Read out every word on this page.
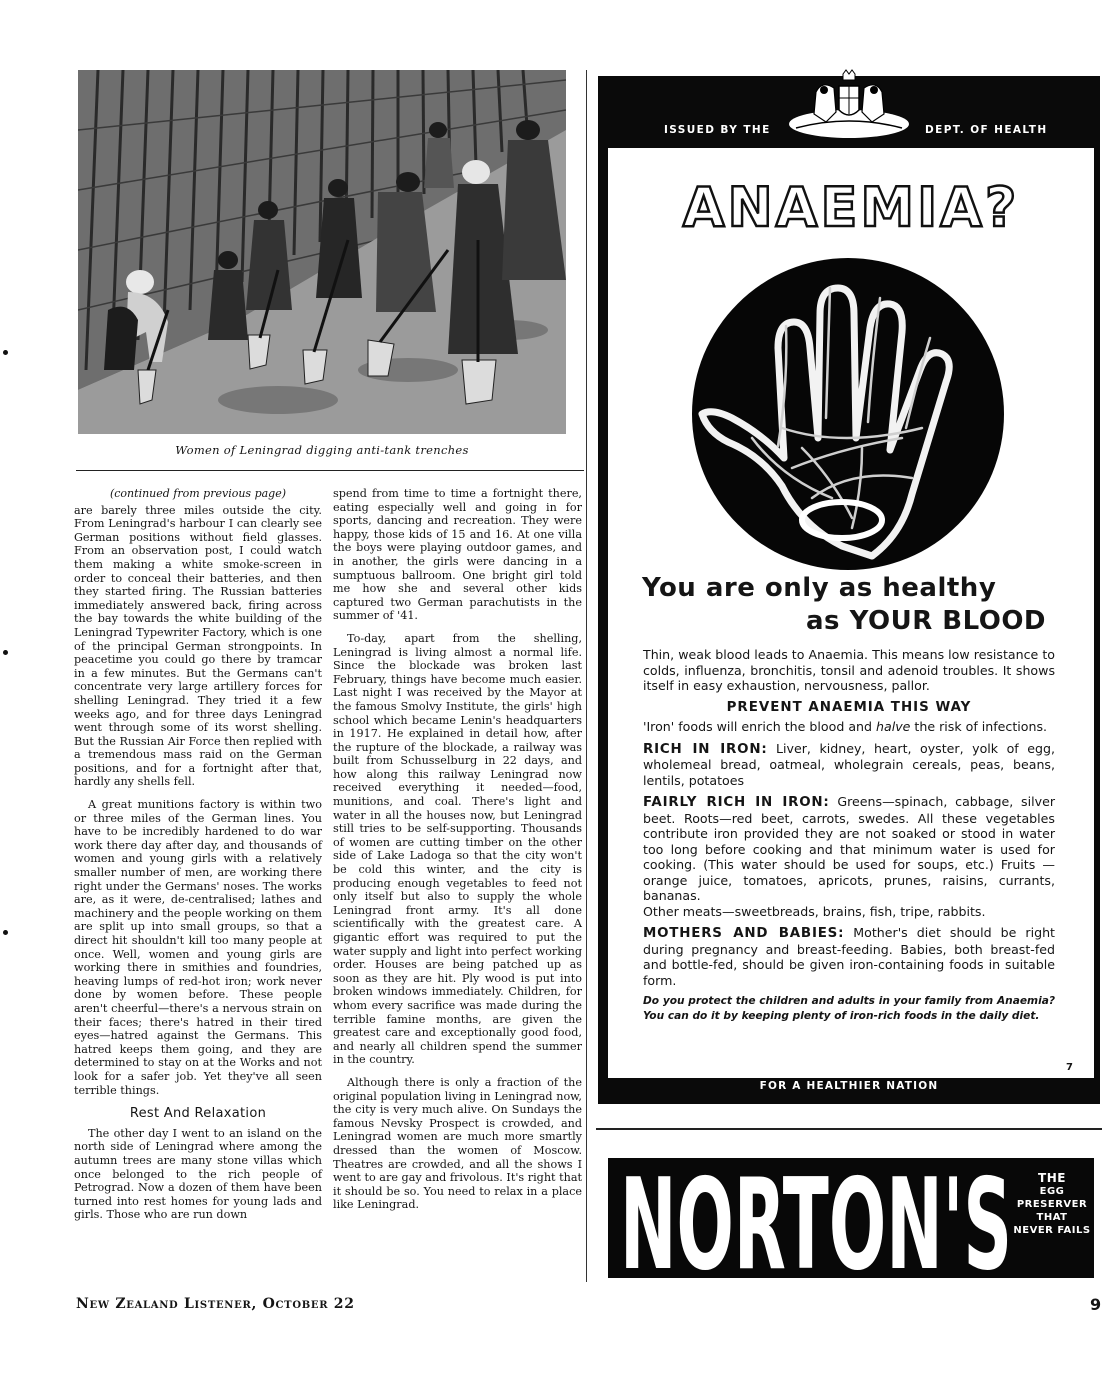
Women of Leningrad digging anti-tank trenches
(continued from previous page)

are barely three miles outside the city. From Leningrad's harbour I can clearly see German positions without field glasses. From an observation post, I could watch them making a white smoke-screen in order to conceal their batteries, and then they started firing. The Russian batteries immediately answered back, firing across the bay towards the white building of the Leningrad Typewriter Factory, which is one of the principal German strongpoints. In peacetime you could go there by tramcar in a few minutes. But the Germans can't concentrate very large artillery forces for shelling Leningrad. They tried it a few weeks ago, and for three days Leningrad went through some of its worst shelling. But the Russian Air Force then replied with a tremendous mass raid on the German positions, and for a fortnight after that, hardly any shells fell.

A great munitions factory is within two or three miles of the German lines. You have to be incredibly hardened to do war work there day after day, and thousands of women and young girls with a relatively smaller number of men, are working there right under the Germans' noses. The works are, as it were, de-centralised; lathes and machinery and the people working on them are split up into small groups, so that a direct hit shouldn't kill too many people at once. Well, women and young girls are working there in smithies and foundries, heaving lumps of red-hot iron; work never done by women before. These people aren't cheerful—there's a nervous strain on their faces; there's hatred in their tired eyes—hatred against the Germans. This hatred keeps them going, and they are determined to stay on at the Works and not look for a safer job. Yet they've all seen terrible things.

Rest And Relaxation

The other day I went to an island on the north side of Leningrad where among the autumn trees are many stone villas which once belonged to the rich people of Petrograd. Now a dozen of them have been turned into rest homes for young lads and girls. Those who are run down

spend from time to time a fortnight there, eating especially well and going in for sports, dancing and recreation. They were happy, those kids of 15 and 16. At one villa the boys were playing outdoor games, and in another, the girls were dancing in a sumptuous ballroom. One bright girl told me how she and several other kids captured two German parachutists in the summer of '41.

To-day, apart from the shelling, Leningrad is living almost a normal life. Since the blockade was broken last February, things have become much easier. Last night I was received by the Mayor at the famous Smolvy Institute, the girls' high school which became Lenin's headquarters in 1917. He explained in detail how, after the rupture of the blockade, a railway was built from Schusselburg in 22 days, and how along this railway Leningrad now received everything it needed—food, munitions, and coal. There's light and water in all the houses now, but Leningrad still tries to be self-supporting. Thousands of women are cutting timber on the other side of Lake Ladoga so that the city won't be cold this winter, and the city is producing enough vegetables to feed not only itself but also to supply the whole Leningrad front army. It's all done scientifically with the greatest care. A gigantic effort was required to put the water supply and light into perfect working order. Houses are being patched up as soon as they are hit. Ply wood is put into broken windows immediately. Children, for whom every sacrifice was made during the terrible famine months, are given the greatest care and exceptionally good food, and nearly all children spend the summer in the country.

Although there is only a fraction of the original population living in Leningrad now, the city is very much alive. On Sundays the famous Nevsky Prospect is crowded, and Leningrad women are much more smartly dressed than the women of Moscow. Theatres are crowded, and all the shows I went to are gay and frivolous. It's right that it should be so. You need to relax in a place like Leningrad.

ISSUED BY THE	DEPT. OF HEALTH
ANAEMIA?
You are only as healthy
as YOUR BLOOD

Thin, weak blood leads to Anaemia. This means low resistance to colds, influenza, bronchitis, tonsil and adenoid troubles. It shows itself in easy exhaustion, nervousness, pallor.

PREVENT ANAEMIA THIS WAY

'Iron' foods will enrich the blood and halve the risk of infections.

RICH IN IRON: Liver, kidney, heart, oyster, yolk of egg, wholemeal bread, oatmeal, wholegrain cereals, peas, beans, lentils, potatoes

FAIRLY RICH IN IRON: Greens—spinach, cabbage, silver beet. Roots—red beet, carrots, swedes. All these vegetables contribute iron provided they are not soaked or stood in water too long before cooking and that minimum water is used for cooking. (This water should be used for soups, etc.) Fruits — orange juice, tomatoes, apricots, prunes, raisins, currants, bananas.

Other meats—sweetbreads, brains, fish, tripe, rabbits.

MOTHERS AND BABIES: Mother's diet should be right during pregnancy and breast-feeding. Babies, both breast-fed and bottle-fed, should be given iron-containing foods in suitable form.

Do you protect the children and adults in your family from Anaemia? You can do it by keeping plenty of iron-rich foods in the daily diet.

7
FOR A HEALTHIER NATION
NORTON'S	THE
EGG
PRESERVER
THAT
NEVER FAILS
New Zealand Listener, October 22	9
